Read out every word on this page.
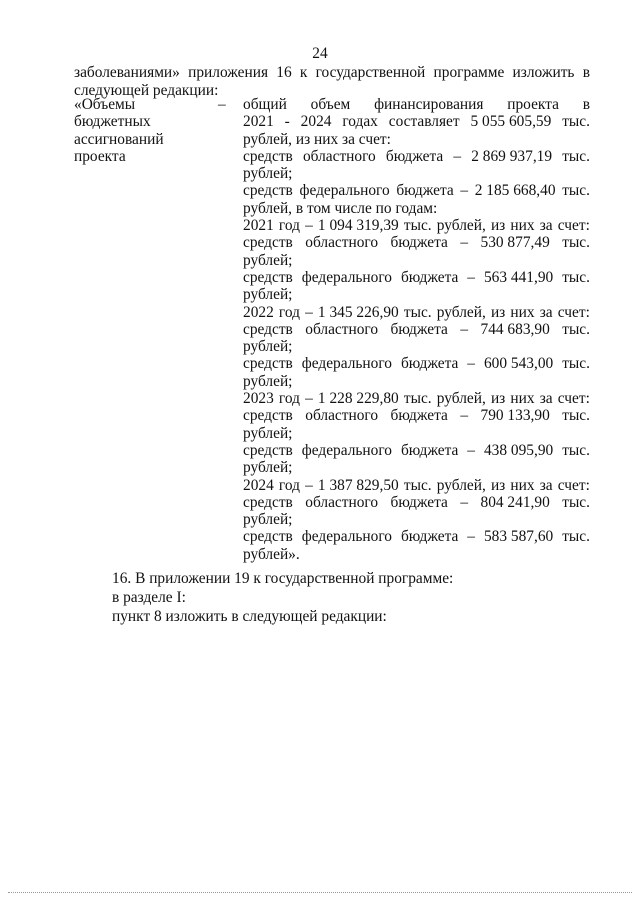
24
заболеваниями» приложения 16 к государственной программе изложить в
следующей редакции:
«Объемы
бюджетных
ассигнований
проекта
– общий объем финансирования проекта в
2021 - 2024 годах составляет 5 055 605,59 тыс.
рублей, из них за счет:
средств областного бюджета – 2 869 937,19 тыс.
рублей;
средств федерального бюджета – 2 185 668,40 тыс.
рублей, в том числе по годам:
2021 год – 1 094 319,39 тыс. рублей, из них за счет:
средств областного бюджета – 530 877,49 тыс.
рублей;
средств федерального бюджета – 563 441,90 тыс.
рублей;
2022 год – 1 345 226,90 тыс. рублей, из них за счет:
средств областного бюджета – 744 683,90 тыс.
рублей;
средств федерального бюджета – 600 543,00 тыс.
рублей;
2023 год – 1 228 229,80 тыс. рублей, из них за счет:
средств областного бюджета – 790 133,90 тыс.
рублей;
средств федерального бюджета – 438 095,90 тыс.
рублей;
2024 год – 1 387 829,50 тыс. рублей, из них за счет:
средств областного бюджета – 804 241,90 тыс.
рублей;
средств федерального бюджета – 583 587,60 тыс.
рублей».
16. В приложении 19 к государственной программе:
в разделе I:
пункт 8 изложить в следующей редакции:
